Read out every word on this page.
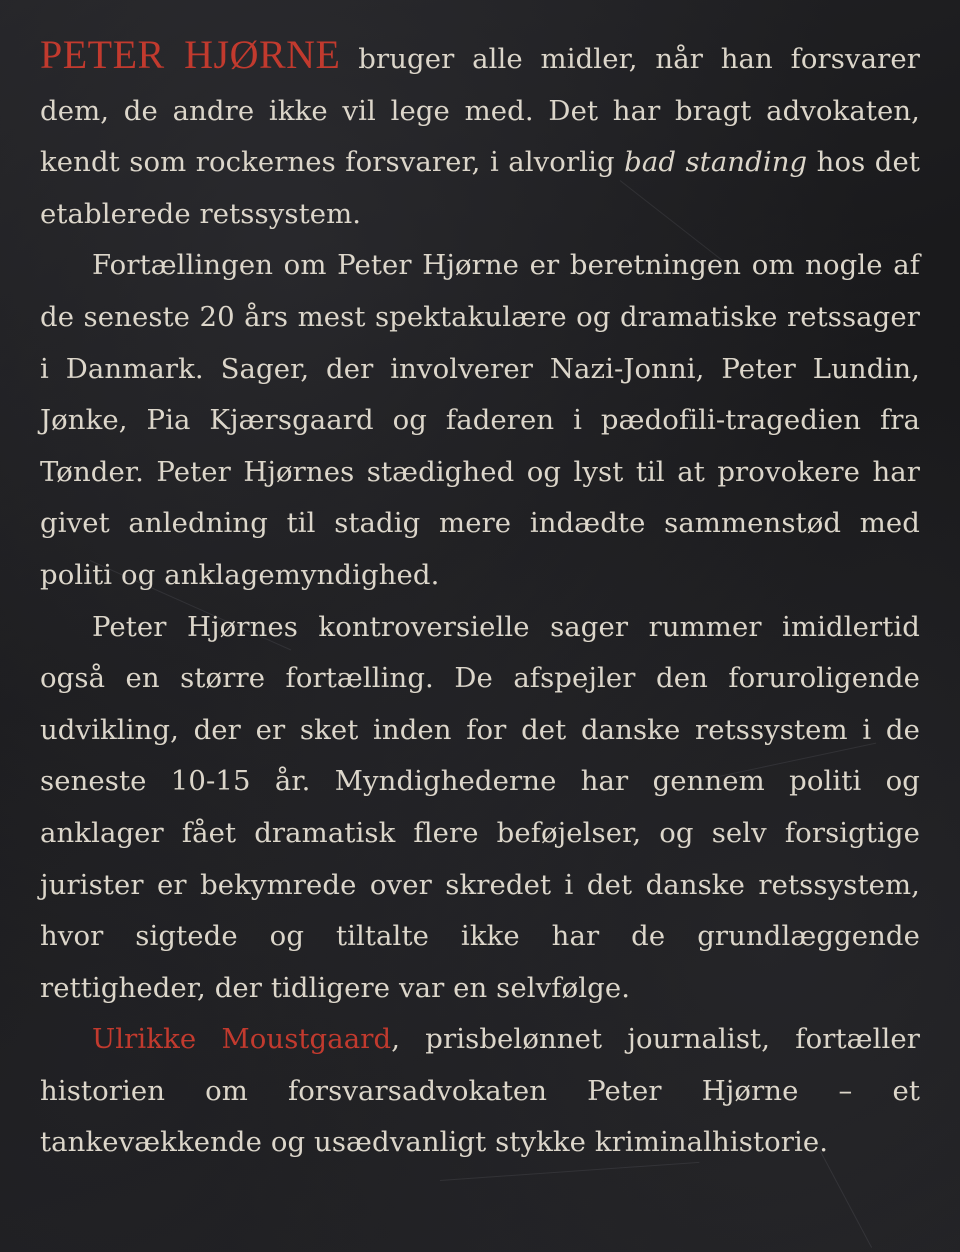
PETER HJØRNE bruger alle midler, når han forsvarer dem, de andre ikke vil lege med. Det har bragt advokaten, kendt som rockernes forsvarer, i alvorlig bad standing hos det etablerede retssystem.

Fortællingen om Peter Hjørne er beretningen om nogle af de seneste 20 års mest spektakulære og dramatiske retssager i Danmark. Sager, der involverer Nazi-Jonni, Peter Lundin, Jønke, Pia Kjærsgaard og faderen i pædofili-tragedien fra Tønder. Peter Hjørnes stædighed og lyst til at provokere har givet anledning til stadig mere indædte sammenstød med politi og anklagemyndighed.

Peter Hjørnes kontroversielle sager rummer imidlertid også en større fortælling. De afspejler den foruroligende udvikling, der er sket inden for det danske retssystem i de seneste 10-15 år. Myndighederne har gennem politi og anklager fået dramatisk flere beføjelser, og selv forsigtige jurister er bekymrede over skredet i det danske retssystem, hvor sigtede og tiltalte ikke har de grundlæggende rettigheder, der tidligere var en selvfølge.

Ulrikke Moustgaard, prisbelønnet journalist, fortæller historien om forsvarsadvokaten Peter Hjørne – et tankevækkende og usædvanligt stykke kriminalhistorie.
